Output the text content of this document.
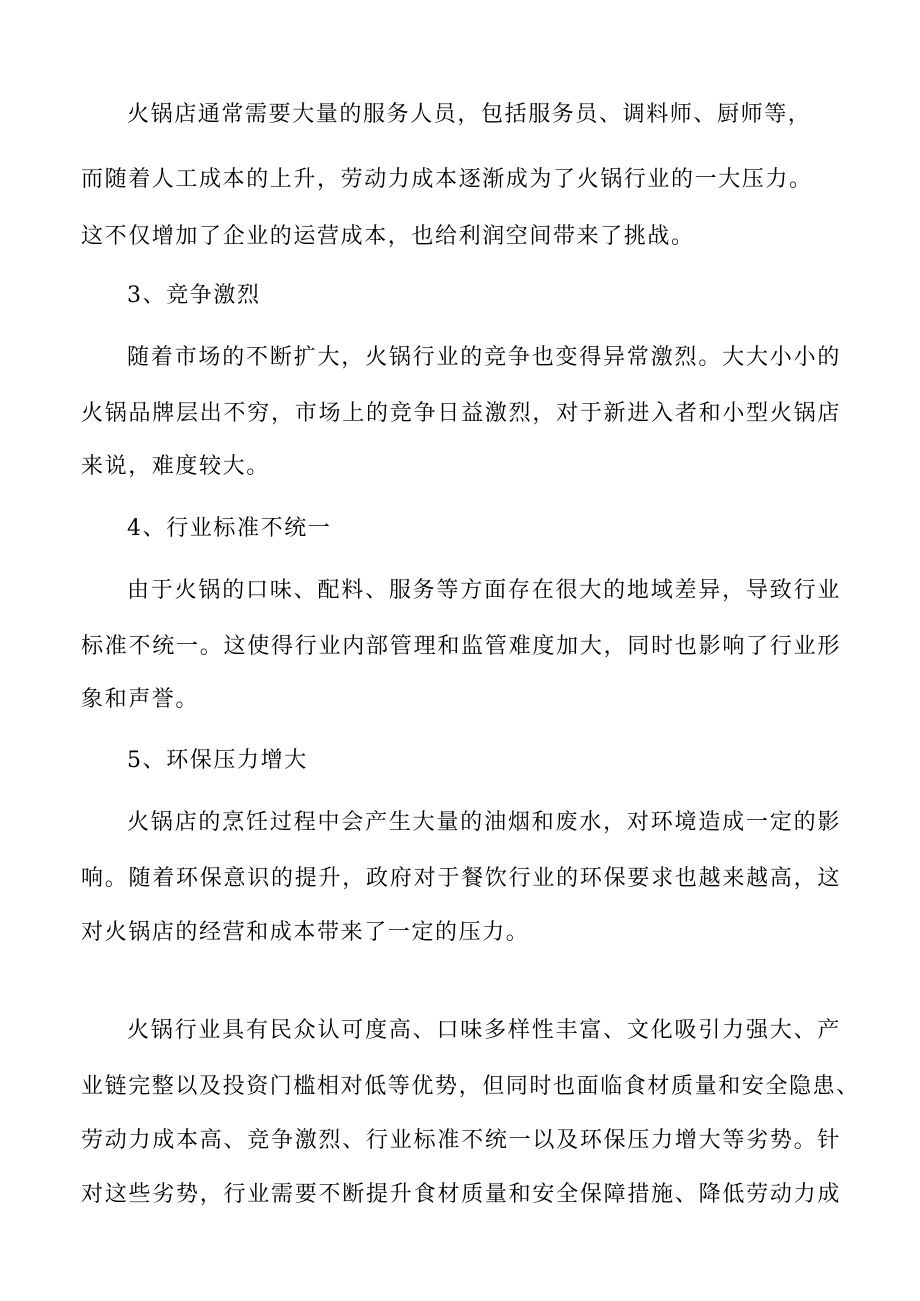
火锅店通常需要大量的服务人员，包括服务员、调料师、厨师等，
而随着人工成本的上升，劳动力成本逐渐成为了火锅行业的一大压力。
这不仅增加了企业的运营成本，也给利润空间带来了挑战。
3、竞争激烈
随着市场的不断扩大，火锅行业的竞争也变得异常激烈。大大小小的
火锅品牌层出不穷，市场上的竞争日益激烈，对于新进入者和小型火锅店
来说，难度较大。
4、行业标准不统一
由于火锅的口味、配料、服务等方面存在很大的地域差异，导致行业
标准不统一。这使得行业内部管理和监管难度加大，同时也影响了行业形
象和声誉。
5、环保压力增大
火锅店的烹饪过程中会产生大量的油烟和废水，对环境造成一定的影
响。随着环保意识的提升，政府对于餐饮行业的环保要求也越来越高，这
对火锅店的经营和成本带来了一定的压力。
火锅行业具有民众认可度高、口味多样性丰富、文化吸引力强大、产
业链完整以及投资门槛相对低等优势，但同时也面临食材质量和安全隐患、
劳动力成本高、竞争激烈、行业标准不统一以及环保压力增大等劣势。针
对这些劣势，行业需要不断提升食材质量和安全保障措施、降低劳动力成
